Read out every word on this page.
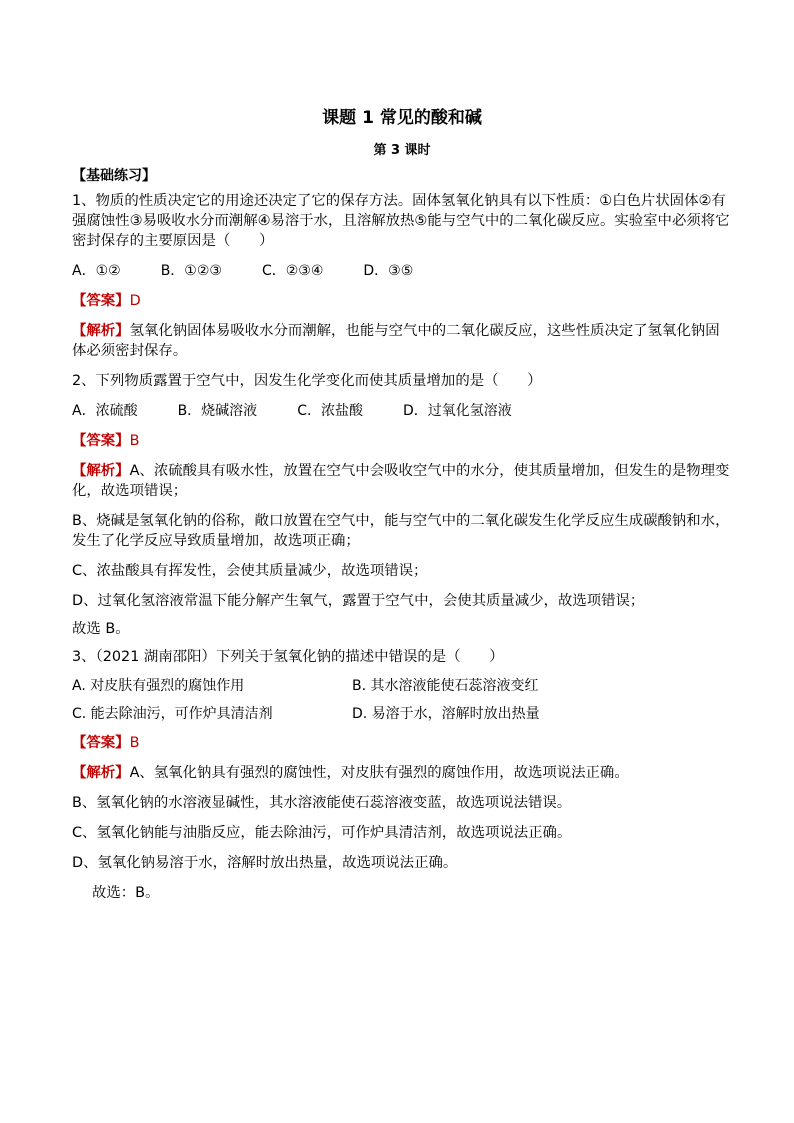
课题 1 常见的酸和碱
第 3 课时
【基础练习】

1、物质的性质决定它的用途还决定了它的保存方法。固体氢氧化钠具有以下性质：①白色片状固体②有强腐蚀性③易吸收水分而潮解④易溶于水，且溶解放热⑤能与空气中的二氧化碳反应。实验室中必须将它密封保存的主要原因是（　　）

A．①②	B．①②③	C．②③④	D．③⑤

【答案】D

【解析】氢氧化钠固体易吸收水分而潮解，也能与空气中的二氧化碳反应，这些性质决定了氢氧化钠固体必须密封保存。

2、下列物质露置于空气中，因发生化学变化而使其质量增加的是（　　）

A．浓硫酸	B．烧碱溶液	C．浓盐酸	D．过氧化氢溶液

【答案】B

【解析】A、浓硫酸具有吸水性，放置在空气中会吸收空气中的水分，使其质量增加，但发生的是物理变化，故选项错误；

B、烧碱是氢氧化钠的俗称，敞口放置在空气中，能与空气中的二氧化碳发生化学反应生成碳酸钠和水，发生了化学反应导致质量增加，故选项正确；

C、浓盐酸具有挥发性，会使其质量减少，故选项错误；

D、过氧化氢溶液常温下能分解产生氧气，露置于空气中，会使其质量减少，故选项错误；

故选 B。

3、（2021 湖南邵阳）下列关于氢氧化钠的描述中错误的是（　　）

A. 对皮肤有强烈的腐蚀作用	B. 其水溶液能使石蕊溶液变红
C. 能去除油污，可作炉具清洁剂	D. 易溶于水，溶解时放出热量

【答案】B

【解析】A、氢氧化钠具有强烈的腐蚀性，对皮肤有强烈的腐蚀作用，故选项说法正确。

B、氢氧化钠的水溶液显碱性，其水溶液能使石蕊溶液变蓝，故选项说法错误。

C、氢氧化钠能与油脂反应，能去除油污，可作炉具清洁剂，故选项说法正确。

D、氢氧化钠易溶于水，溶解时放出热量，故选项说法正确。

故选：B。
